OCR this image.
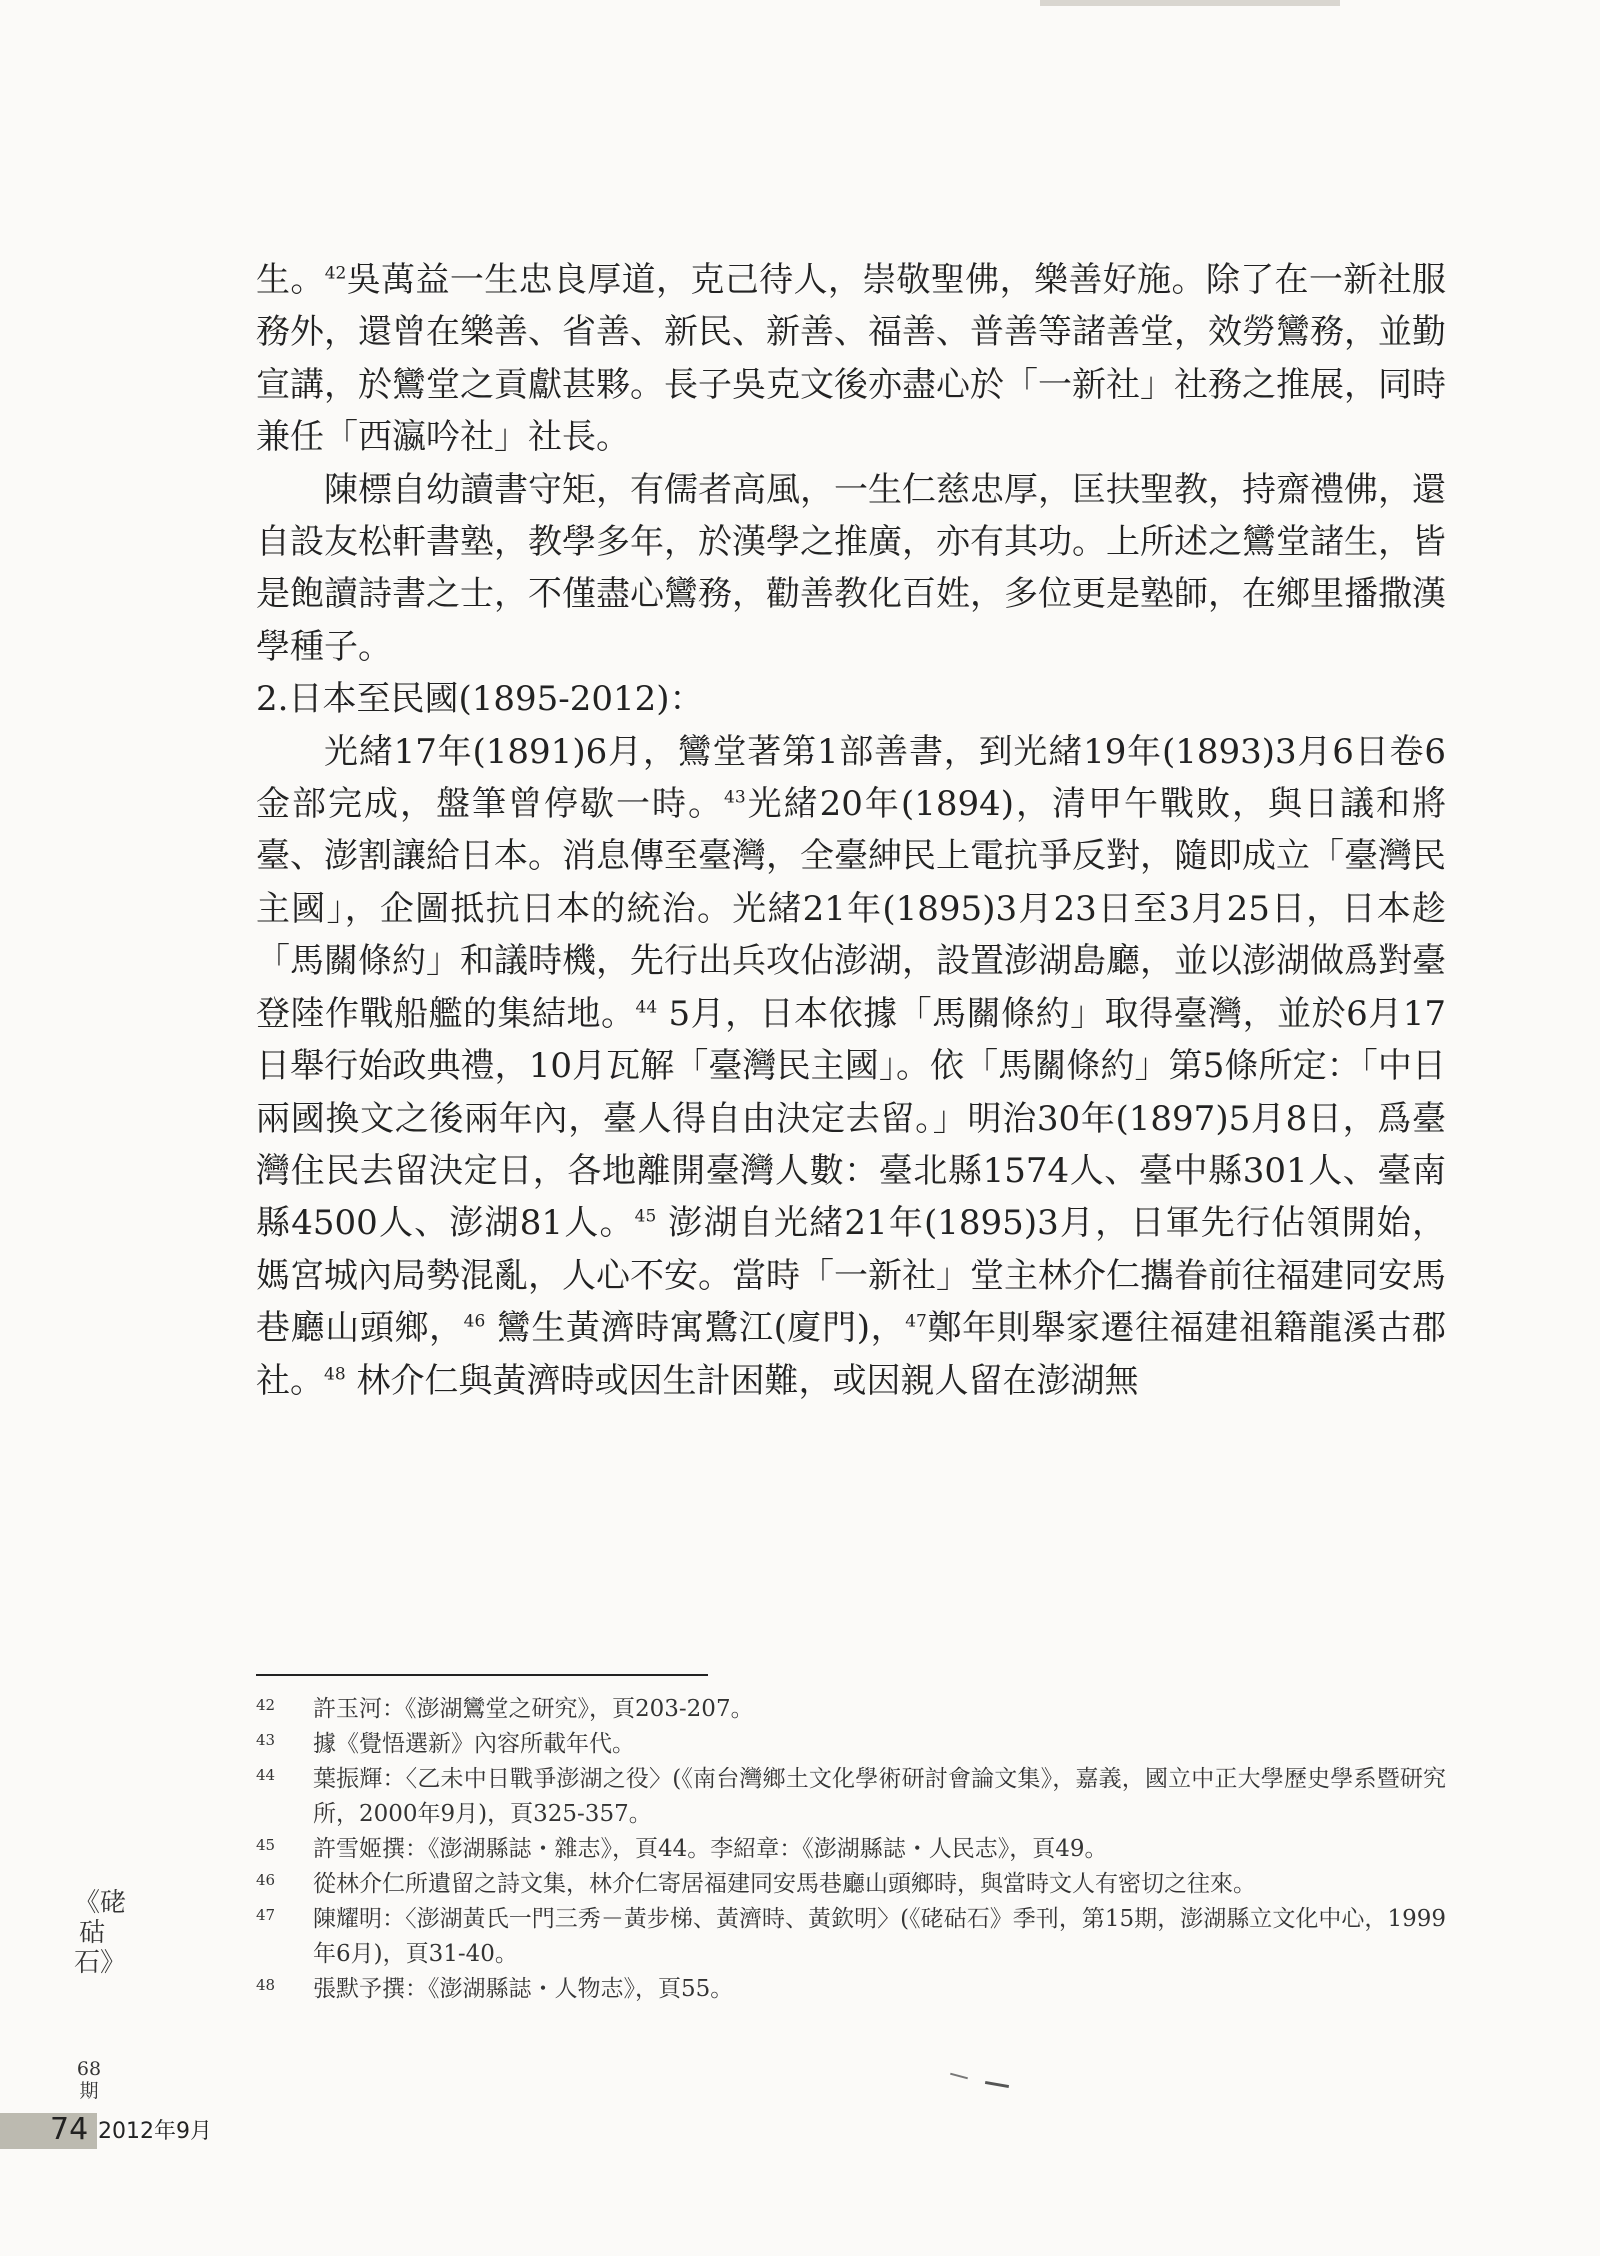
生。$^{42}$吳萬益一生忠良厚道，克己待人，崇敬聖佛，樂善好施。除了在一新社服務外，還曾在樂善、省善、新民、新善、福善、普善等諸善堂，效勞鸞務，並勤宣講，於鸞堂之貢獻甚夥。長子吳克文後亦盡心於「一新社」社務之推展，同時兼任「西瀛吟社」社長。

陳標自幼讀書守矩，有儒者高風，一生仁慈忠厚，匡扶聖教，持齋禮佛，還自設友松軒書塾，教學多年，於漢學之推廣，亦有其功。上所述之鸞堂諸生，皆是飽讀詩書之士，不僅盡心鸞務，勸善教化百姓，多位更是塾師，在鄉里播撒漢學種子。

2.日本至民國(1895-2012)：

光緒17年(1891)6月，鸞堂著第1部善書，到光緒19年(1893)3月6日卷6金部完成，盤筆曾停歇一時。$^{43}$光緒20年(1894)，清甲午戰敗，與日議和將臺、澎割讓給日本。消息傳至臺灣，全臺紳民上電抗爭反對，隨即成立「臺灣民主國」，企圖抵抗日本的統治。光緒21年(1895)3月23日至3月25日，日本趁「馬關條約」和議時機，先行出兵攻佔澎湖，設置澎湖島廳，並以澎湖做爲對臺登陸作戰船艦的集結地。$^{44}$ 5月，日本依據「馬關條約」取得臺灣，並於6月17日舉行始政典禮，10月瓦解「臺灣民主國」。依「馬關條約」第5條所定：「中日兩國換文之後兩年內，臺人得自由決定去留。」明治30年(1897)5月8日，爲臺灣住民去留決定日，各地離開臺灣人數：臺北縣1574人、臺中縣301人、臺南縣4500人、澎湖81人。$^{45}$ 澎湖自光緒21年(1895)3月，日軍先行佔領開始，媽宮城內局勢混亂，人心不安。當時「一新社」堂主林介仁攜眷前往福建同安馬巷廳山頭鄉，$^{46}$ 鸞生黃濟時寓鷺江(廈門)，$^{47}$鄭年則舉家遷往福建祖籍龍溪古郡社。$^{48}$ 林介仁與黃濟時或因生計困難，或因親人留在澎湖無

42	許玉河：《澎湖鸞堂之研究》，頁203-207。
43	據《覺悟選新》內容所載年代。
44	葉振輝：〈乙未中日戰爭澎湖之役〉(《南台灣鄉土文化學術研討會論文集》，嘉義，國立中正大學歷史學系暨研究所，2000年9月)，頁325-357。
45	許雪姬撰：《澎湖縣誌・雜志》，頁44。李紹章：《澎湖縣誌・人民志》，頁49。
46	從林介仁所遺留之詩文集，林介仁寄居福建同安馬巷廳山頭鄉時，與當時文人有密切之往來。
47	陳耀明：〈澎湖黃氏一門三秀－黃步梯、黃濟時、黃欽明〉(《硓𥑮石》季刊，第15期，澎湖縣立文化中心，1999年6月)，頁31-40。
48	張默予撰：《澎湖縣誌・人物志》，頁55。
《硓𥑮石》
68期
74 2012年9月
